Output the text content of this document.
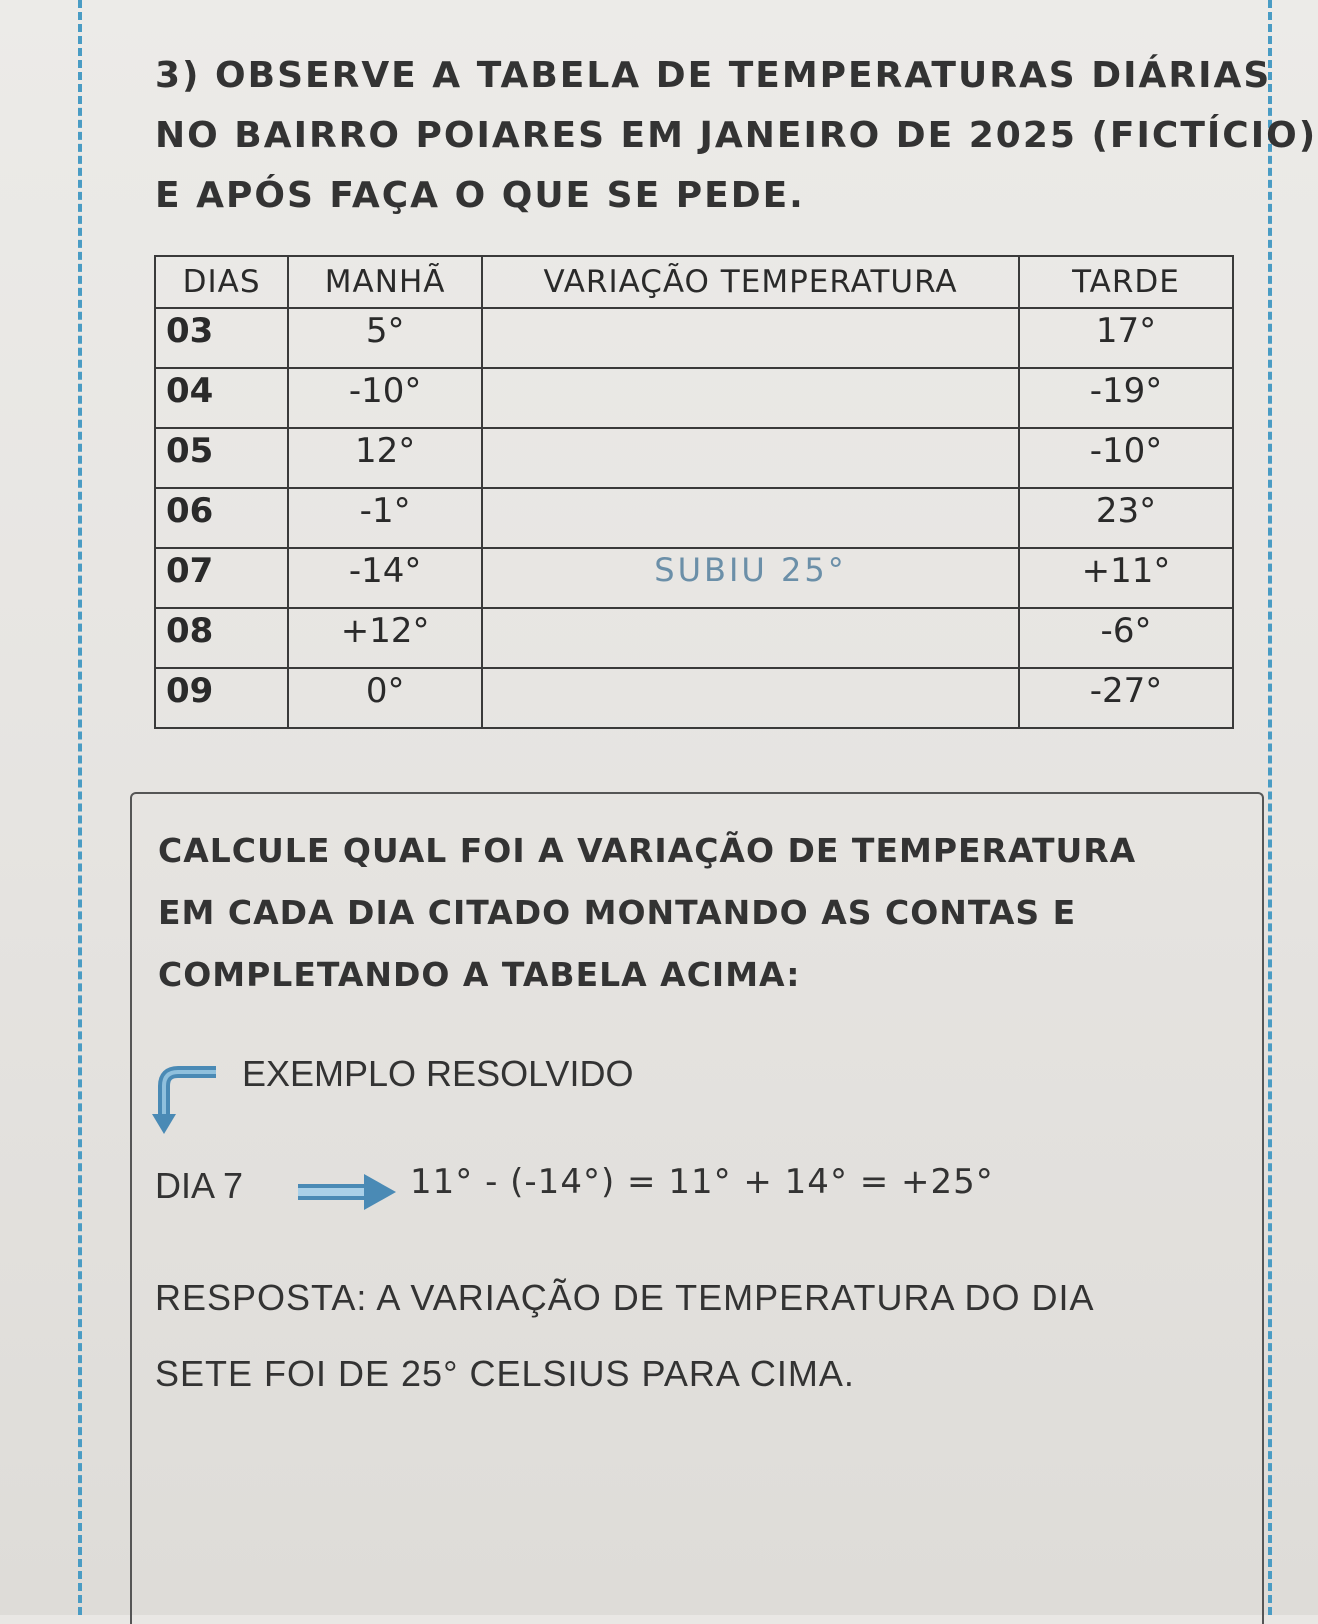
3) OBSERVE A TABELA DE TEMPERATURAS DIÁRIAS
NO BAIRRO POIARES EM JANEIRO DE 2025 (FICTÍCIO)
E APÓS FAÇA O QUE SE PEDE.
DIAS	MANHÃ	VARIAÇÃO TEMPERATURA	TARDE
03	5°		17°
04	-10°		-19°
05	12°		-10°
06	-1°		23°
07	-14°	SUBIU 25°	+11°
08	+12°		-6°
09	0°		-27°
CALCULE QUAL FOI A VARIAÇÃO DE TEMPERATURA
EM CADA DIA CITADO MONTANDO AS CONTAS E
COMPLETANDO A TABELA ACIMA:
EXEMPLO RESOLVIDO
DIA 7	11° - (-14°) = 11° + 14° = +25°
RESPOSTA: A VARIAÇÃO DE TEMPERATURA DO DIA
SETE FOI DE 25° CELSIUS PARA CIMA.
